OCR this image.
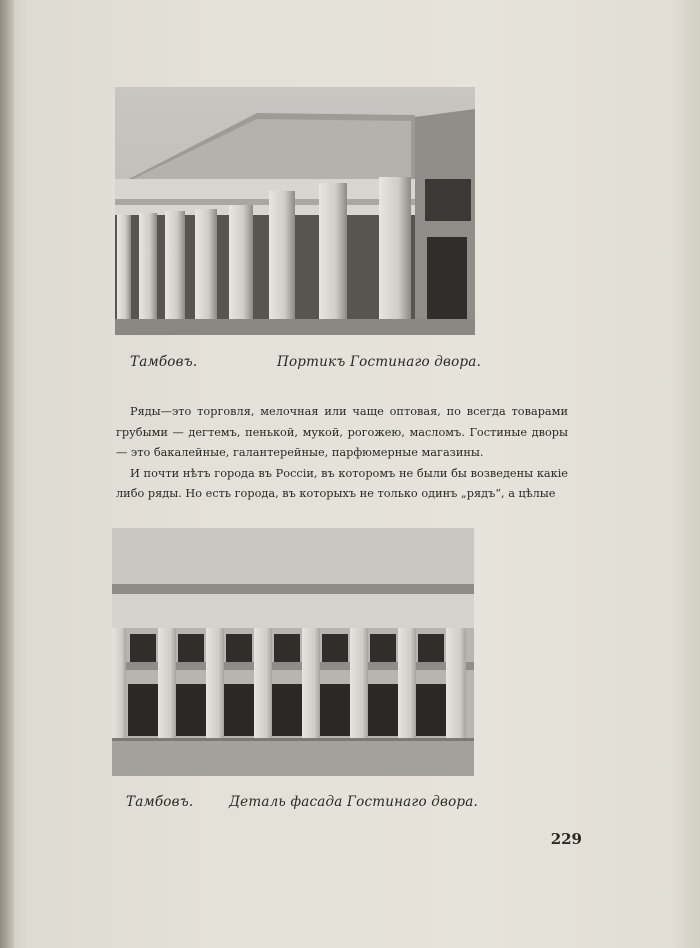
Тамбовъ.	Портикъ Гостинаго двора.

Ряды—это торговля, мелочная или чаще оптовая, по всегда товарами грубыми — дегтемъ, пенькой, мукой, рогожею, масломъ. Гостиные дворы — это бакалейные, галантерейные, парфюмерные магазины.

И почти нѣтъ города въ Россіи, въ которомъ не были бы возведены какіе либо ряды. Но есть города, въ которыхъ не только одинъ „рядъ“, а цѣлые

Тамбовъ.	Деталь фасада Гостинаго двора.
229
